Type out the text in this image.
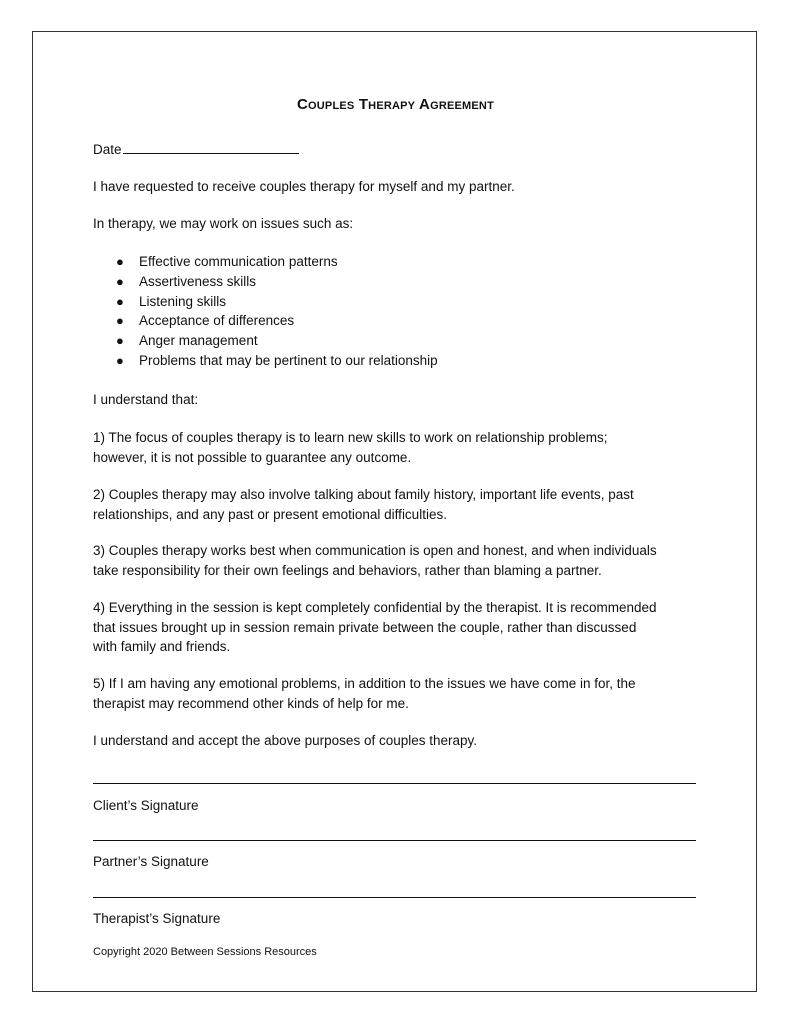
Couples Therapy Agreement
Date
I have requested to receive couples therapy for myself and my partner.
In therapy, we may work on issues such as:
● Effective communication patterns
● Assertiveness skills
● Listening skills
● Acceptance of differences
● Anger management
● Problems that may be pertinent to our relationship
I understand that:
1) The focus of couples therapy is to learn new skills to work on relationship problems;
however, it is not possible to guarantee any outcome.
2) Couples therapy may also involve talking about family history, important life events, past
relationships, and any past or present emotional difficulties.
3) Couples therapy works best when communication is open and honest, and when individuals
take responsibility for their own feelings and behaviors, rather than blaming a partner.
4) Everything in the session is kept completely confidential by the therapist. It is recommended
that issues brought up in session remain private between the couple, rather than discussed
with family and friends.
5) If I am having any emotional problems, in addition to the issues we have come in for, the
therapist may recommend other kinds of help for me.
I understand and accept the above purposes of couples therapy.
Client’s Signature
Partner’s Signature
Therapist’s Signature
Copyright 2020 Between Sessions Resources
